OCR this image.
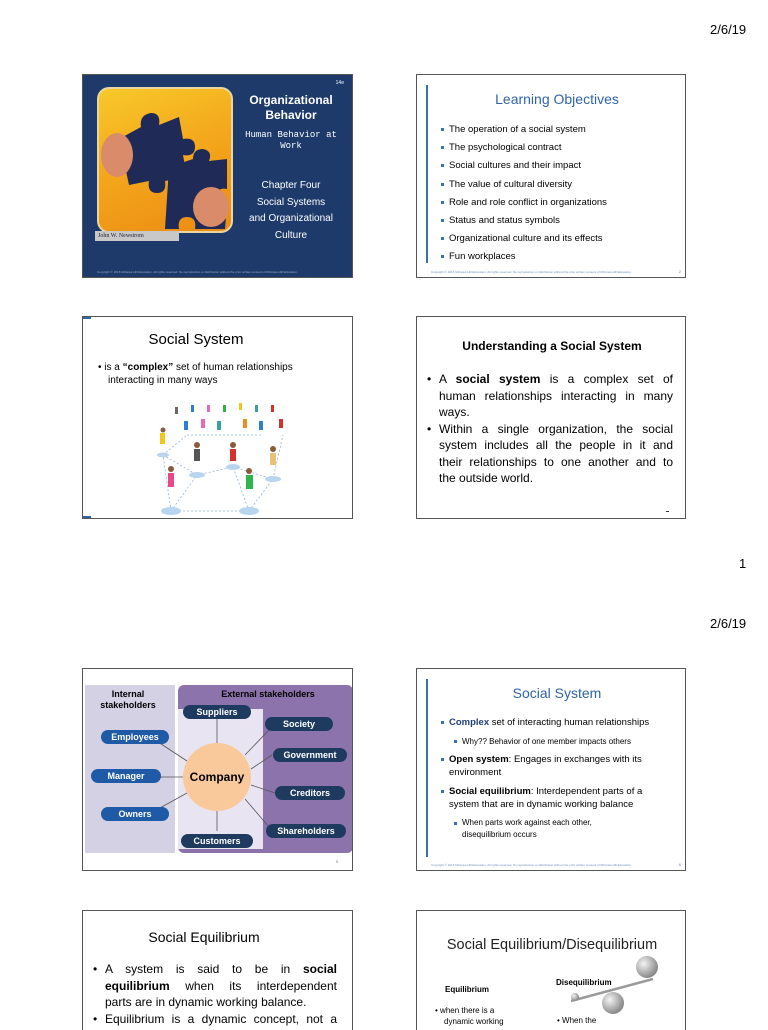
2/6/19
14e
Organizational
Behavior
Human Behavior at
Work
Chapter Four
Social Systems
and Organizational
Culture
John W. Newstrom
Copyright © 2016 McGraw-Hill Education. All rights reserved. No reproduction or distribution without the prior written consent of McGraw-Hill Education.
Learning Objectives
The operation of a social system
The psychological contract
Social cultures and their impact
The value of cultural diversity
Role and role conflict in organizations
Status and status symbols
Organizational culture and its effects
Fun workplaces
Copyright © 2016 McGraw-Hill Education. All rights reserved. No reproduction or distribution without the prior written consent of McGraw-Hill Education.	2
Social System
• is a “complex” set of human relationships
interacting in many ways
Understanding a Social System
• A social system is a complex set of
human relationships interacting in many
ways.
• Within a single organization, the social
system includes all the people in it and
their relationships to one another and to
the outside world.
1
2/6/19
Internal
stakeholders
External stakeholders
Company
Employees
Manager
Owners
Suppliers
Customers
Society
Government
Creditors
Shareholders
5
Social System
Complex set of interacting human relationships
Why?? Behavior of one member impacts others
Open system: Engages in exchanges with its
environment
Social equilibrium: Interdependent parts of a
system that are in dynamic working balance
When parts work against each other,
disequilibrium occurs
Copyright © 2016 McGraw-Hill Education. All rights reserved. No reproduction or distribution without the prior written consent of McGraw-Hill Education.	6
Social Equilibrium
• A system is said to be in social
equilibrium when its interdependent
parts are in dynamic working balance.
• Equilibrium is a dynamic concept, not a
Social Equilibrium/Disequilibrium
Equilibrium
• when there is a
dynamic working
Disequilibrium
• When the
